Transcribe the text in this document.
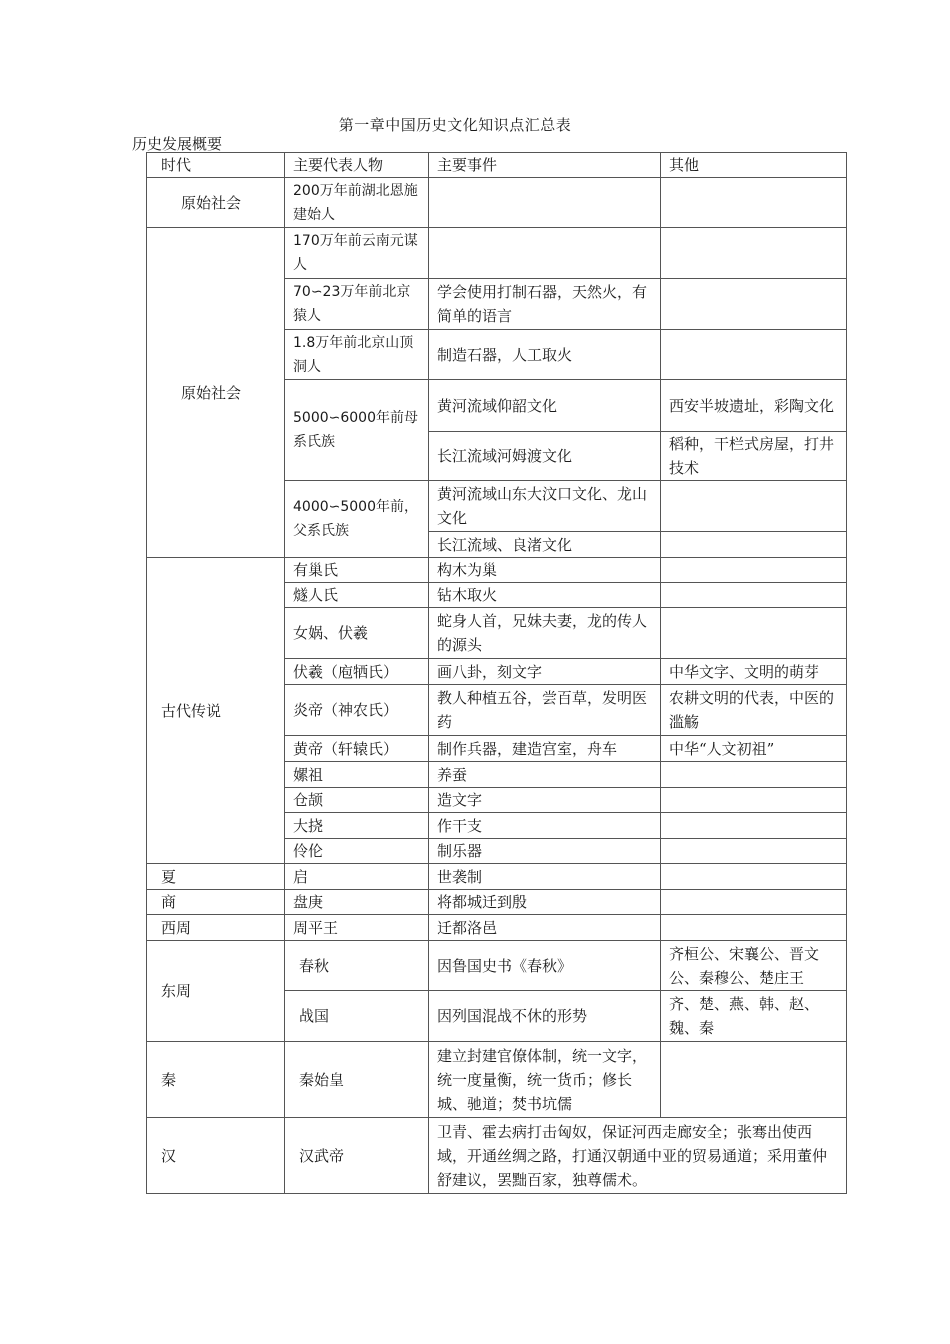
第一章中国历史文化知识点汇总表
历史发展概要
时代	主要代表人物	主要事件	其他
原始社会	200万年前湖北恩施建始人		
原始社会	170万年前云南元谋人		
	70∽23万年前北京猿人	学会使用打制石器，天然火，有简单的语言	
	1.8万年前北京山顶洞人	制造石器，人工取火	
	5000∽6000年前母系氏族	黄河流域仰韶文化	西安半坡遗址，彩陶文化
		长江流域河姆渡文化	稻种，干栏式房屋，打井技术
	4000∽5000年前，父系氏族	黄河流域山东大汶口文化、龙山文化	
		长江流域、良渚文化	
古代传说	有巢氏	构木为巢	
	燧人氏	钻木取火	
	女娲、伏羲	蛇身人首，兄妹夫妻，龙的传人的源头	
	伏羲（庖牺氏）	画八卦，刻文字	中华文字、文明的萌芽
	炎帝（神农氏）	教人种植五谷，尝百草，发明医药	农耕文明的代表，中医的滥觞
	黄帝（轩辕氏）	制作兵器，建造宫室，舟车	中华“人文初祖”
	嫘祖	养蚕	
	仓颉	造文字	
	大挠	作干支	
	伶伦	制乐器	
夏	启	世袭制	
商	盘庚	将都城迁到殷	
西周	周平王	迁都洛邑	
东周	春秋	因鲁国史书《春秋》	齐桓公、宋襄公、晋文公、秦穆公、楚庄王
	战国	因列国混战不休的形势	齐、楚、燕、韩、赵、魏、秦
秦	秦始皇	建立封建官僚体制，统一文字，统一度量衡，统一货币；修长城、驰道；焚书坑儒	
汉	汉武帝	卫青、霍去病打击匈奴，保证河西走廊安全；张骞出使西域，开通丝绸之路，打通汉朝通中亚的贸易通道；采用董仲舒建议，罢黜百家，独尊儒术。	
